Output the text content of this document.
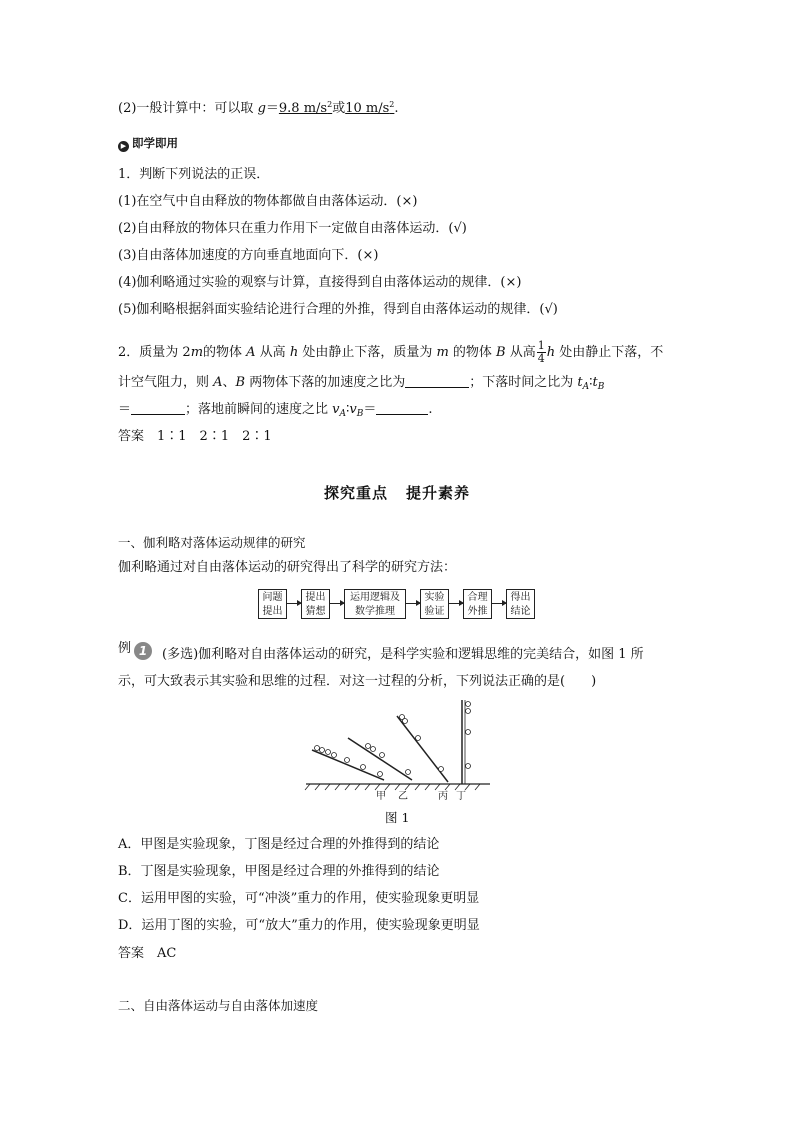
(2)一般计算中：可以取 g＝9.8 $m/s^2$或10 $m/s^2$.
▶ 即学即用
1．判断下列说法的正误．
(1)在空气中自由释放的物体都做自由落体运动．(×)
(2)自由释放的物体只在重力作用下一定做自由落体运动．(√)
(3)自由落体加速度的方向垂直地面向下．(×)
(4)伽利略通过实验的观察与计算，直接得到自由落体运动的规律．(×)
(5)伽利略根据斜面实验结论进行合理的外推，得到自由落体运动的规律．(√)
2．质量为 2m的物体 A 从高 h 处由静止下落，质量为 m 的物体 B 从高 $\frac{1}{4}$ h 处由静止下落，不
计空气阻力，则 A、B 两物体下落的加速度之比为	；下落时间之比为 $t_A∶t_B$
＝	；落地前瞬间的速度之比 $v_A∶v_B=$	.
答案　1∶1　2∶1　2∶1
探究重点 提升素养
一、伽利略对落体运动规律的研究
伽利略通过对自由落体运动的研究得出了科学的研究方法：
问题
提出
提出
猜想
运用逻辑及
数学推理
实验
验证
合理
外推
得出
结论
例 1	(多选)伽利略对自由落体运动的研究，是科学实验和逻辑思维的完美结合，如图 1 所
示，可大致表示其实验和思维的过程．对这一过程的分析，下列说法正确的是(　　)
甲 乙	丙 丁
图 1
A．甲图是实验现象，丁图是经过合理的外推得到的结论
B．丁图是实验现象，甲图是经过合理的外推得到的结论
C．运用甲图的实验，可“冲淡”重力的作用，使实验现象更明显
D．运用丁图的实验，可“放大”重力的作用，使实验现象更明显
答案　AC
二、自由落体运动与自由落体加速度
